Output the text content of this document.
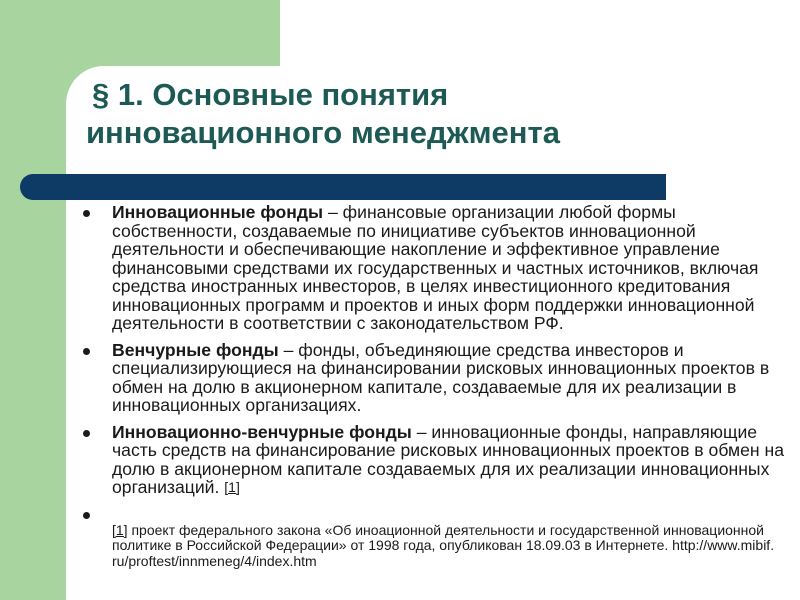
§ 1. Основные понятия
инновационного менеджмента
Инновационные фонды – финансовые организации любой формы собственности, создаваемые по инициативе субъектов инновационной деятельности и обеспечивающие накопление и эффективное управление финансовыми средствами их государственных и частных источников, включая средства иностранных инвесторов, в целях инвестиционного кредитования инновационных программ и проектов и иных форм поддержки инновационной деятельности в соответствии с законодательством РФ.
Венчурные фонды – фонды, объединяющие средства инвесторов и специализирующиеся на финансировании рисковых инновационных проектов в обмен на долю в акционерном капитале, создаваемые для их реализации в инновационных организациях.
Инновационно-венчурные фонды – инновационные фонды, направляющие часть средств на финансирование рисковых инновационных проектов в обмен на долю в акционерном капитале создаваемых для их реализации инновационных организаций. [1]
[1] проект федерального закона «Об иноационной деятельности и государственной инновационной политике в Российской Федерации» от 1998 года, опубликован 18.09.03 в Интернете. http://www.mibif. ru/proftest/innmeneg/4/index.htm
